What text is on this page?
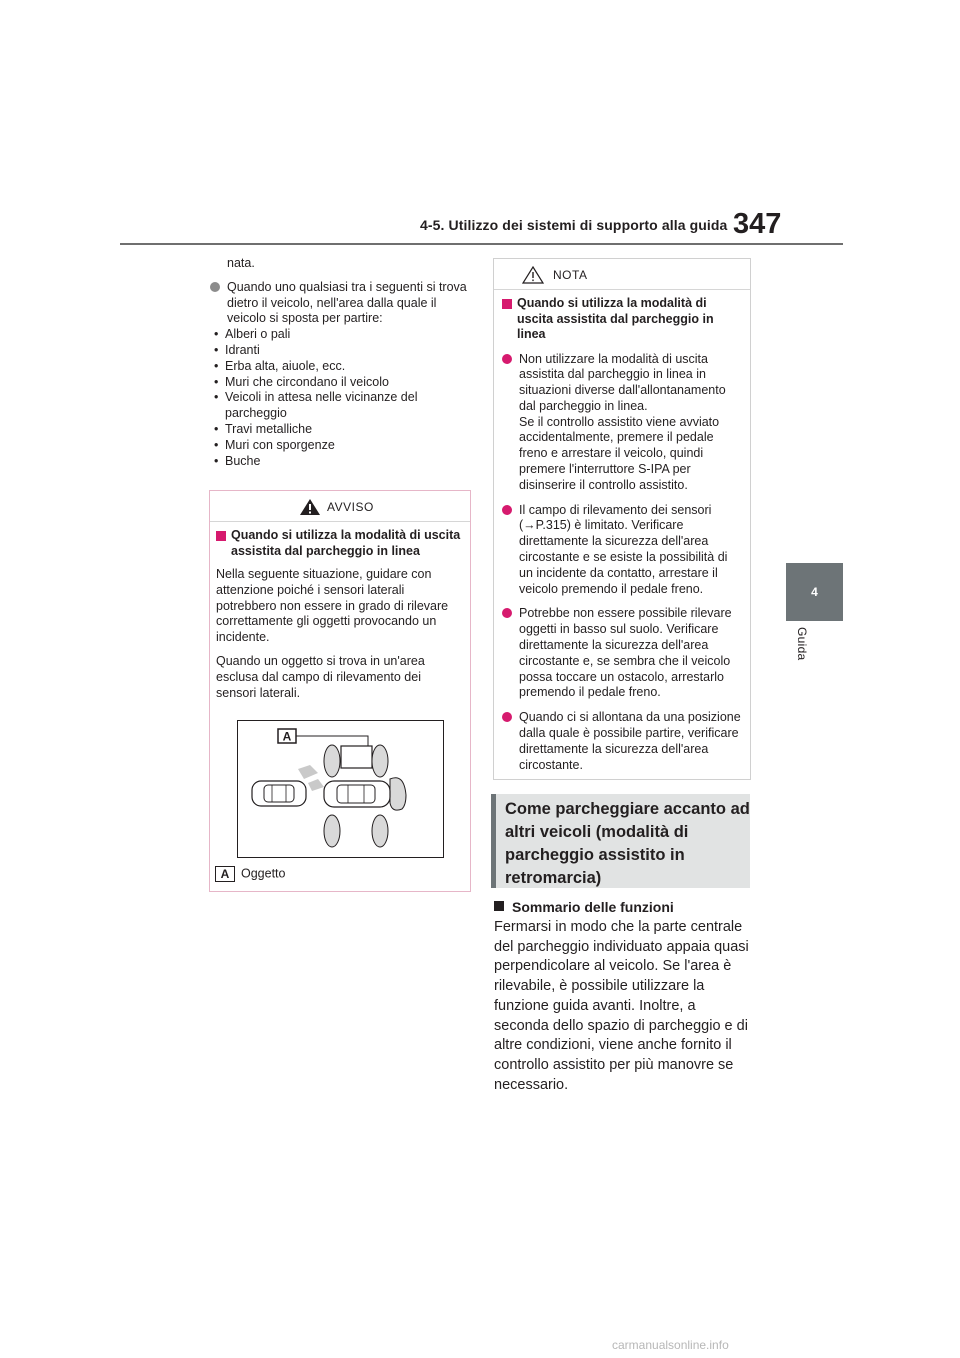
4-5. Utilizzo dei sistemi di supporto alla guida 347
4
Guida

nata.

Quando uno qualsiasi tra i seguenti si trova dietro il veicolo, nell'area dalla quale il veicolo si sposta per partire:

• Alberi o pali
• Idranti
• Erba alta, aiuole, ecc.
• Muri che circondano il veicolo
• Veicoli in attesa nelle vicinanze del parcheggio
• Travi metalliche
• Muri con sporgenze
• Buche
AVVISO

Quando si utilizza la modalità di uscita assistita dal parcheggio in linea

Nella seguente situazione, guidare con attenzione poiché i sensori laterali potrebbero non essere in grado di rilevare correttamente gli oggetti provocando un incidente.

Quando un oggetto si trova in un'area esclusa dal campo di rilevamento dei sensori laterali.

A
A Oggetto
NOTA

Quando si utilizza la modalità di uscita assistita dal parcheggio in linea

Non utilizzare la modalità di uscita assistita dal parcheggio in linea in situazioni diverse dall'allontanamento dal parcheggio in linea.
Se il controllo assistito viene avviato accidentalmente, premere il pedale freno e arrestare il veicolo, quindi premere l'interruttore S-IPA per disinserire il controllo assistito.

Il campo di rilevamento dei sensori (→P.315) è limitato. Verificare direttamente la sicurezza dell'area circostante e se esiste la possibilità di un incidente da contatto, arrestare il veicolo premendo il pedale freno.

Potrebbe non essere possibile rilevare oggetti in basso sul suolo. Verificare direttamente la sicurezza dell'area circostante e, se sembra che il veicolo possa toccare un ostacolo, arrestarlo premendo il pedale freno.

Quando ci si allontana da una posizione dalla quale è possibile partire, verificare direttamente la sicurezza dell'area circostante.

Come parcheggiare accanto ad altri veicoli (modalità di parcheggio assistito in retromarcia)
Sommario delle funzioni

Fermarsi in modo che la parte centrale del parcheggio individuato appaia quasi perpendicolare al veicolo. Se l'area è rilevabile, è possibile utilizzare la funzione guida avanti. Inoltre, a seconda dello spazio di parcheggio e di altre condizioni, viene anche fornito il controllo assistito per più manovre se necessario.

carmanualsonline.info
